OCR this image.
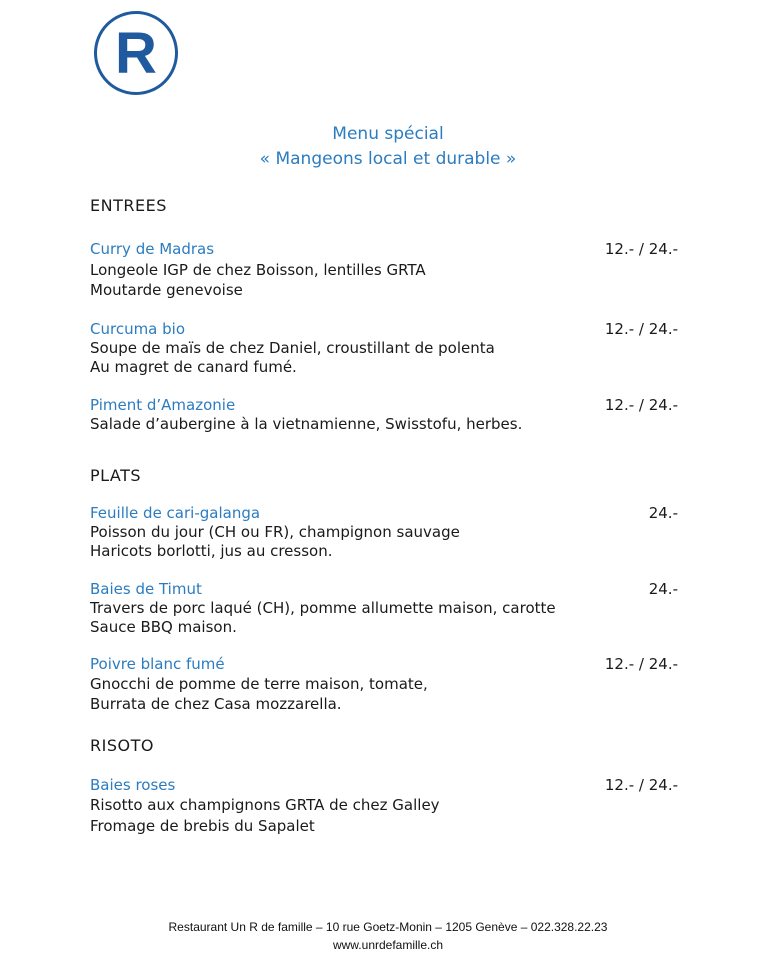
R
Menu spécial
« Mangeons local et durable »
ENTREES
Curry de Madras	12.- / 24.-
Longeole IGP de chez Boisson, lentilles GRTA
Moutarde genevoise
Curcuma bio	12.- / 24.-
Soupe de maïs de chez Daniel, croustillant de polenta
Au magret de canard fumé.
Piment d’Amazonie	12.- / 24.-
Salade d’aubergine à la vietnamienne, Swisstofu, herbes.
PLATS
Feuille de cari-galanga	24.-
Poisson du jour (CH ou FR), champignon sauvage
Haricots borlotti, jus au cresson.
Baies de Timut	24.-
Travers de porc laqué (CH), pomme allumette maison, carotte
Sauce BBQ maison.
Poivre blanc fumé	12.- / 24.-
Gnocchi de pomme de terre maison, tomate,
Burrata de chez Casa mozzarella.
RISOTO
Baies roses	12.- / 24.-
Risotto aux champignons GRTA de chez Galley
Fromage de brebis du Sapalet
Restaurant Un R de famille – 10 rue Goetz-Monin – 1205 Genève – 022.328.22.23
www.unrdefamille.ch
